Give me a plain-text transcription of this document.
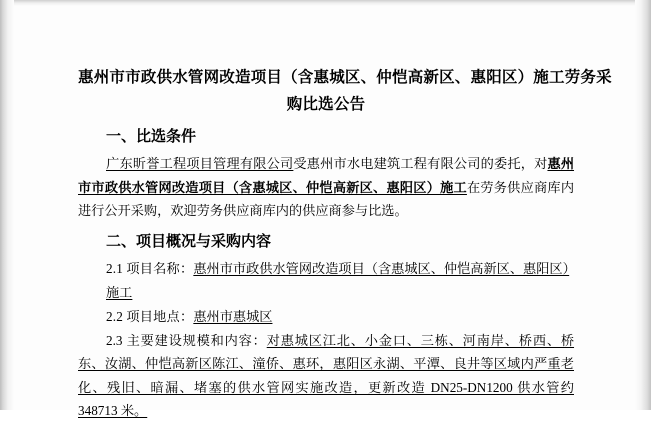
惠州市市政供水管网改造项目（含惠城区、仲恺高新区、惠阳区）施工劳务采
购比选公告
一、比选条件

广东昕誉工程项目管理有限公司受惠州市水电建筑工程有限公司的委托，对惠州市市政供水管网改造项目（含惠城区、仲恺高新区、惠阳区）施工在劳务供应商库内进行公开采购，欢迎劳务供应商库内的供应商参与比选。

二、项目概况与采购内容

2.1 项目名称：惠州市市政供水管网改造项目（含惠城区、仲恺高新区、惠阳区）施工

2.2 项目地点：惠州市惠城区

2.3 主要建设规模和内容：对惠城区江北、小金口、三栋、河南岸、桥西、桥东、汝湖、仲恺高新区陈江、潼侨、惠环，惠阳区永湖、平潭、良井等区域内严重老化、残旧、暗漏、堵塞的供水管网实施改造，更新改造 DN25-DN1200 供水管约 348713 米。
